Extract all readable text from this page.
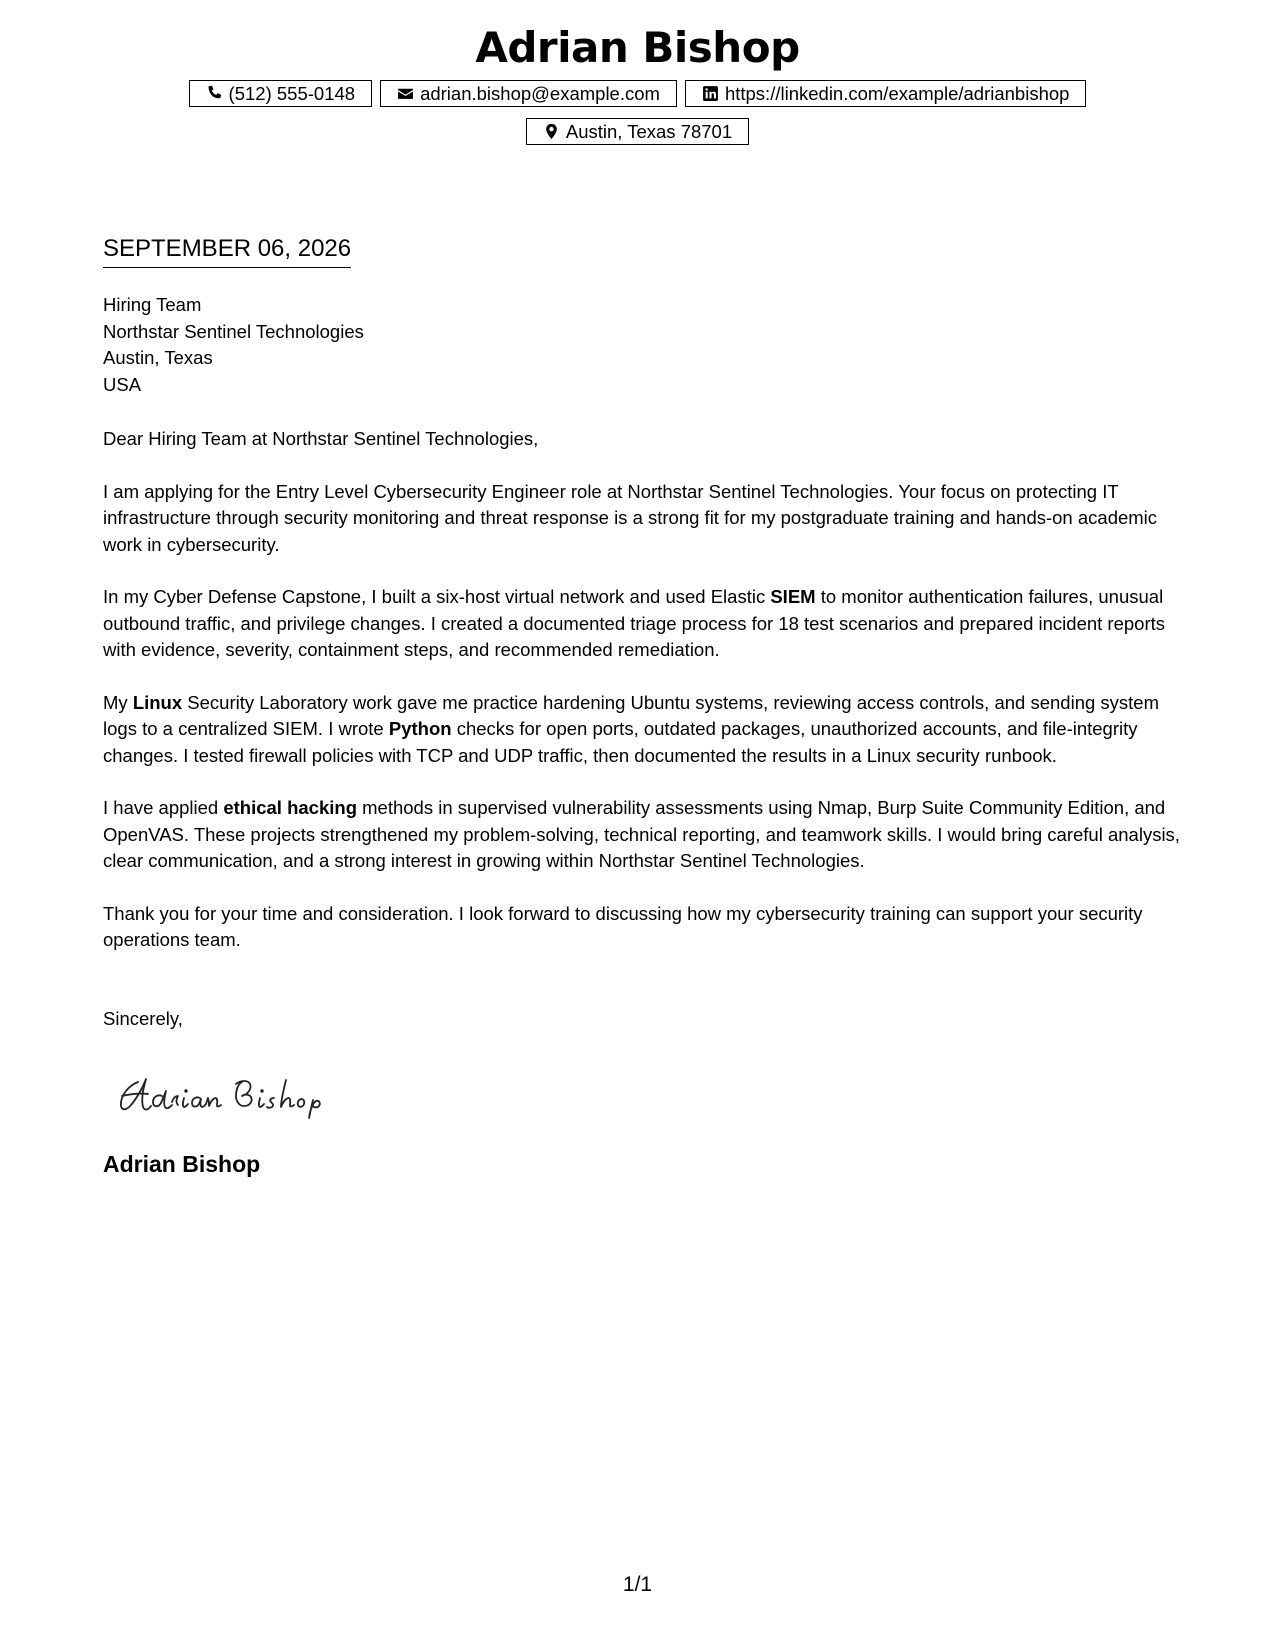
Adrian Bishop
(512) 555-0148	adrian.bishop@example.com	https://linkedin.com/example/adrianbishop
Austin, Texas 78701
SEPTEMBER 06, 2026
Hiring Team
Northstar Sentinel Technologies
Austin, Texas
USA

Dear Hiring Team at Northstar Sentinel Technologies,

I am applying for the Entry Level Cybersecurity Engineer role at Northstar Sentinel Technologies. Your focus on protecting IT infrastructure through security monitoring and threat response is a strong fit for my postgraduate training and hands-on academic work in cybersecurity.

In my Cyber Defense Capstone, I built a six-host virtual network and used Elastic SIEM to monitor authentication failures, unusual outbound traffic, and privilege changes. I created a documented triage process for 18 test scenarios and prepared incident reports with evidence, severity, containment steps, and recommended remediation.

My Linux Security Laboratory work gave me practice hardening Ubuntu systems, reviewing access controls, and sending system logs to a centralized SIEM. I wrote Python checks for open ports, outdated packages, unauthorized accounts, and file-integrity changes. I tested firewall policies with TCP and UDP traffic, then documented the results in a Linux security runbook.

I have applied ethical hacking methods in supervised vulnerability assessments using Nmap, Burp Suite Community Edition, and OpenVAS. These projects strengthened my problem-solving, technical reporting, and teamwork skills. I would bring careful analysis, clear communication, and a strong interest in growing within Northstar Sentinel Technologies.

Thank you for your time and consideration. I look forward to discussing how my cybersecurity training can support your security operations team.

Sincerely,
Adrian Bishop
1/1
